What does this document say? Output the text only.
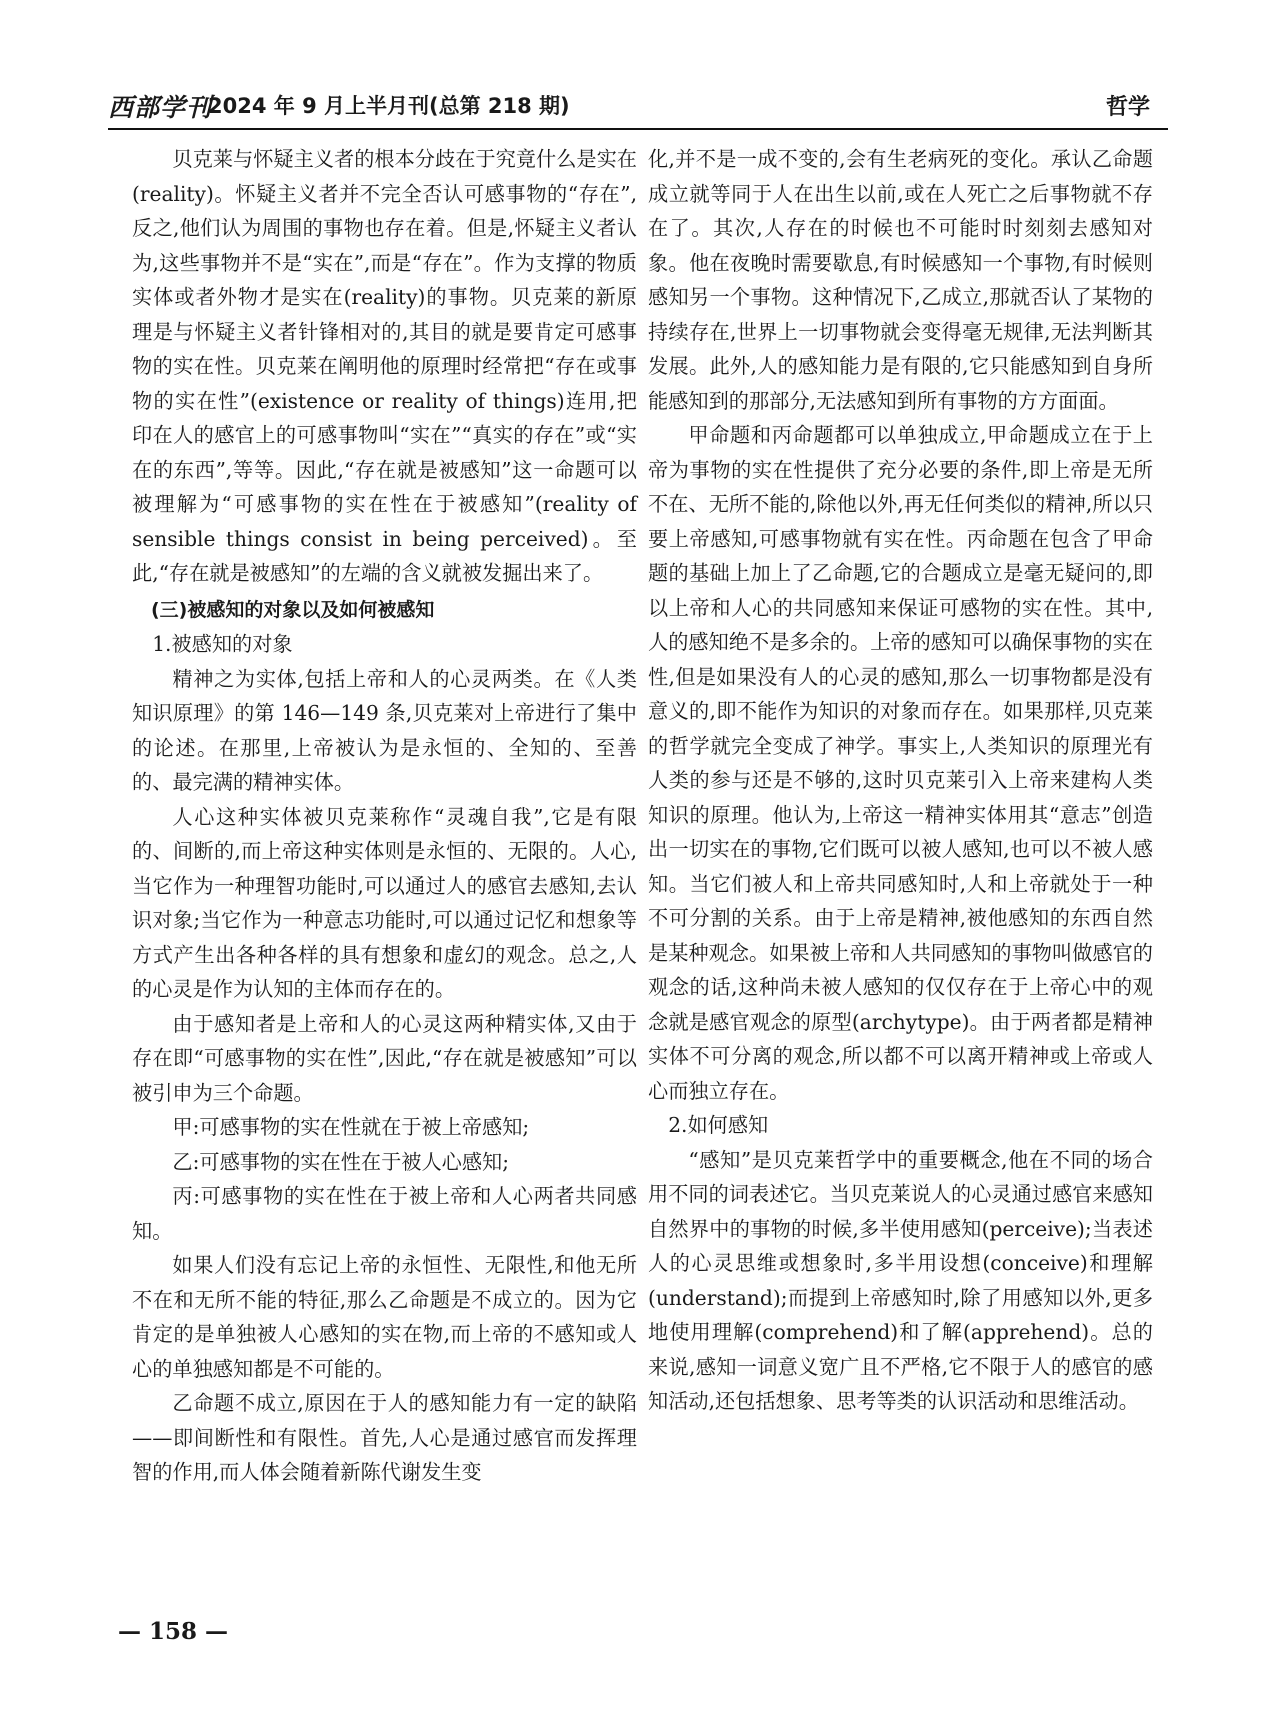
西部学刊
2024 年 9 月上半月刊(总第 218 期)	哲学

贝克莱与怀疑主义者的根本分歧在于究竟什么是实在(reality)。怀疑主义者并不完全否认可感事物的“存在”,反之,他们认为周围的事物也存在着。但是,怀疑主义者认为,这些事物并不是“实在”,而是“存在”。作为支撑的物质实体或者外物才是实在(reality)的事物。贝克莱的新原理是与怀疑主义者针锋相对的,其目的就是要肯定可感事物的实在性。贝克莱在阐明他的原理时经常把“存在或事物的实在性”(existence or reality of things)连用,把印在人的感官上的可感事物叫“实在”“真实的存在”或“实在的东西”,等等。因此,“存在就是被感知”这一命题可以被理解为“可感事物的实在性在于被感知”(reality of sensible things consist in being perceived)。至此,“存在就是被感知”的左端的含义就被发掘出来了。

(三)被感知的对象以及如何被感知

1.被感知的对象

精神之为实体,包括上帝和人的心灵两类。在《人类知识原理》的第 146—149 条,贝克莱对上帝进行了集中的论述。在那里,上帝被认为是永恒的、全知的、至善的、最完满的精神实体。

人心这种实体被贝克莱称作“灵魂自我”,它是有限的、间断的,而上帝这种实体则是永恒的、无限的。人心,当它作为一种理智功能时,可以通过人的感官去感知,去认识对象;当它作为一种意志功能时,可以通过记忆和想象等方式产生出各种各样的具有想象和虚幻的观念。总之,人的心灵是作为认知的主体而存在的。

由于感知者是上帝和人的心灵这两种精实体,又由于存在即“可感事物的实在性”,因此,“存在就是被感知”可以被引申为三个命题。

甲:可感事物的实在性就在于被上帝感知;

乙:可感事物的实在性在于被人心感知;

丙:可感事物的实在性在于被上帝和人心两者共同感知。

如果人们没有忘记上帝的永恒性、无限性,和他无所不在和无所不能的特征,那么乙命题是不成立的。因为它肯定的是单独被人心感知的实在物,而上帝的不感知或人心的单独感知都是不可能的。

乙命题不成立,原因在于人的感知能力有一定的缺陷——即间断性和有限性。首先,人心是通过感官而发挥理智的作用,而人体会随着新陈代谢发生变

化,并不是一成不变的,会有生老病死的变化。承认乙命题成立就等同于人在出生以前,或在人死亡之后事物就不存在了。其次,人存在的时候也不可能时时刻刻去感知对象。他在夜晚时需要歇息,有时候感知一个事物,有时候则感知另一个事物。这种情况下,乙成立,那就否认了某物的持续存在,世界上一切事物就会变得毫无规律,无法判断其发展。此外,人的感知能力是有限的,它只能感知到自身所能感知到的那部分,无法感知到所有事物的方方面面。

甲命题和丙命题都可以单独成立,甲命题成立在于上帝为事物的实在性提供了充分必要的条件,即上帝是无所不在、无所不能的,除他以外,再无任何类似的精神,所以只要上帝感知,可感事物就有实在性。丙命题在包含了甲命题的基础上加上了乙命题,它的合题成立是毫无疑问的,即以上帝和人心的共同感知来保证可感物的实在性。其中,人的感知绝不是多余的。上帝的感知可以确保事物的实在性,但是如果没有人的心灵的感知,那么一切事物都是没有意义的,即不能作为知识的对象而存在。如果那样,贝克莱的哲学就完全变成了神学。事实上,人类知识的原理光有人类的参与还是不够的,这时贝克莱引入上帝来建构人类知识的原理。他认为,上帝这一精神实体用其“意志”创造出一切实在的事物,它们既可以被人感知,也可以不被人感知。当它们被人和上帝共同感知时,人和上帝就处于一种不可分割的关系。由于上帝是精神,被他感知的东西自然是某种观念。如果被上帝和人共同感知的事物叫做感官的观念的话,这种尚未被人感知的仅仅存在于上帝心中的观念就是感官观念的原型(archytype)。由于两者都是精神实体不可分离的观念,所以都不可以离开精神或上帝或人心而独立存在。

2.如何感知

“感知”是贝克莱哲学中的重要概念,他在不同的场合用不同的词表述它。当贝克莱说人的心灵通过感官来感知自然界中的事物的时候,多半使用感知(perceive);当表述人的心灵思维或想象时,多半用设想(conceive)和理解(understand);而提到上帝感知时,除了用感知以外,更多地使用理解(comprehend)和了解(apprehend)。总的来说,感知一词意义宽广且不严格,它不限于人的感官的感知活动,还包括想象、思考等类的认识活动和思维活动。

— 158 —
